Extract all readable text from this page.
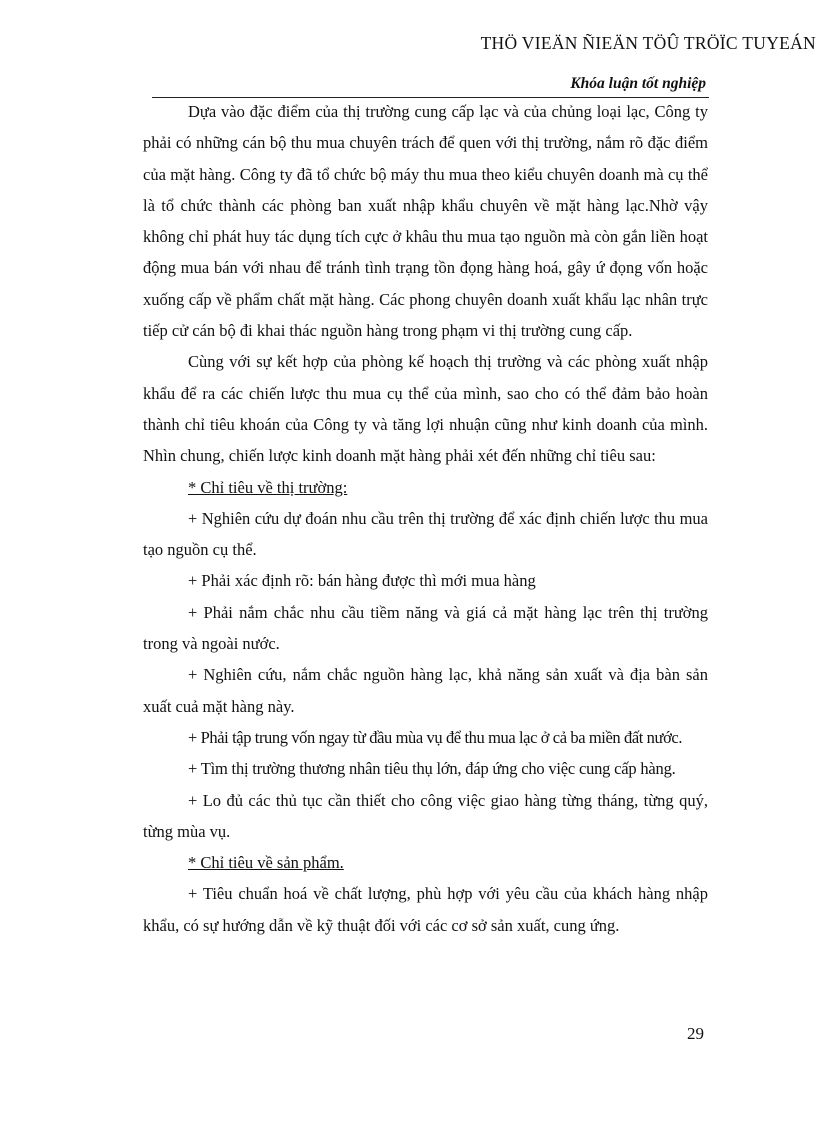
THÖ VIEÄN ÑIEÄN TÖÛ TRÖÏC TUYEÁN
Khóa luận tốt nghiệp

Dựa vào đặc điểm của thị trường cung cấp lạc và của chủng loại lạc, Công ty phải có những cán bộ thu mua chuyên trách để quen với thị trường, nắm rõ đặc điểm của mặt hàng. Công ty đã tổ chức bộ máy thu mua theo kiểu chuyên doanh mà cụ thể là tổ chức thành các phòng ban xuất nhập khẩu chuyên về mặt hàng lạc.Nhờ vậy không chỉ phát huy tác dụng tích cực ở khâu thu mua tạo nguồn mà còn gắn liền hoạt động mua bán với nhau để tránh tình trạng tồn đọng hàng hoá, gây ứ đọng vốn hoặc xuống cấp về phẩm chất mặt hàng. Các phong chuyên doanh xuất khẩu lạc nhân trực tiếp cử cán bộ đi khai thác nguồn hàng trong phạm vi thị trường cung cấp.

Cùng với sự kết hợp của phòng kế hoạch thị trường và các phòng xuất nhập khẩu để ra các chiến lược thu mua cụ thể của mình, sao cho có thể đảm bảo hoàn thành chỉ tiêu khoán của Công ty và tăng lợi nhuận cũng như kinh doanh của mình. Nhìn chung, chiến lược kinh doanh mặt hàng phải xét đến những chỉ tiêu sau:

* Chỉ tiêu về thị trường:

+ Nghiên cứu dự đoán nhu cầu trên thị trường để xác định chiến lược thu mua tạo nguồn cụ thể.

+ Phải xác định rõ: bán hàng được thì mới mua hàng

+ Phải nắm chắc nhu cầu tiềm năng và giá cả mặt hàng lạc trên thị trường trong và ngoài nước.

+ Nghiên cứu, nắm chắc nguồn hàng lạc, khả năng sản xuất và địa bàn sản xuất cuả mặt hàng này.

+ Phải tập trung vốn ngay từ đầu mùa vụ để thu mua lạc ở cả ba miền đất nước.

+ Tìm thị trường thương nhân tiêu thụ lớn, đáp ứng cho việc cung cấp hàng.

+ Lo đủ các thủ tục cần thiết cho công việc giao hàng từng tháng, từng quý, từng mùa vụ.

* Chỉ tiêu về sản phẩm.

+ Tiêu chuẩn hoá về chất lượng, phù hợp với yêu cầu của khách hàng nhập khẩu, có sự hướng dẫn về kỹ thuật đối với các cơ sở sản xuất, cung ứng.

29
